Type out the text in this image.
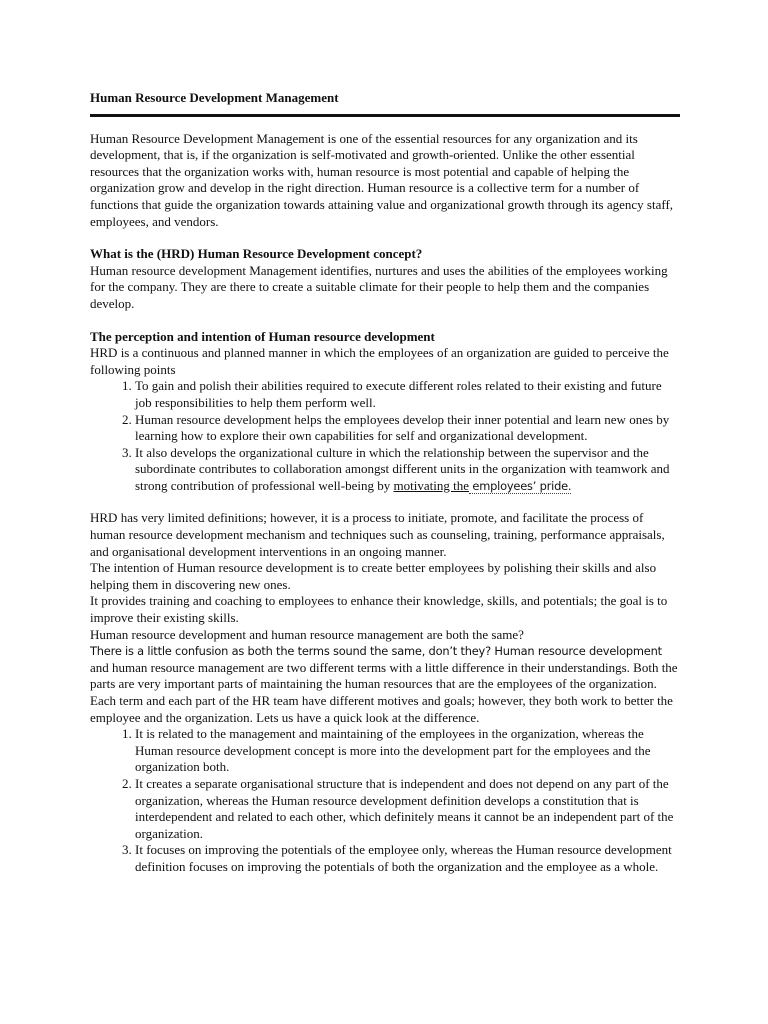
Human Resource Development Management

Human Resource Development Management is one of the essential resources for any organization and its development, that is, if the organization is self-motivated and growth-oriented. Unlike the other essential resources that the organization works with, human resource is most potential and capable of helping the organization grow and develop in the right direction. Human resource is a collective term for a number of functions that guide the organization towards attaining value and organizational growth through its agency staff, employees, and vendors.

What is the (HRD) Human Resource Development concept?

Human resource development Management identifies, nurtures and uses the abilities of the employees working for the company. They are there to create a suitable climate for their people to help them and the companies develop.

The perception and intention of Human resource development

HRD is a continuous and planned manner in which the employees of an organization are guided to perceive the following points

1. To gain and polish their abilities required to execute different roles related to their existing and future job responsibilities to help them perform well.
2. Human resource development helps the employees develop their inner potential and learn new ones by learning how to explore their own capabilities for self and organizational development.
3. It also develops the organizational culture in which the relationship between the supervisor and the subordinate contributes to collaboration amongst different units in the organization with teamwork and strong contribution of professional well-being by motivating the employees’ pride.

HRD has very limited definitions; however, it is a process to initiate, promote, and facilitate the process of human resource development mechanism and techniques such as counseling, training, performance appraisals, and organisational development interventions in an ongoing manner.

The intention of Human resource development is to create better employees by polishing their skills and also helping them in discovering new ones.

It provides training and coaching to employees to enhance their knowledge, skills, and potentials; the goal is to improve their existing skills.

Human resource development and human resource management are both the same?

There is a little confusion as both the terms sound the same, don’t they? Human resource development
and human resource management are two different terms with a little difference in their understandings. Both the parts are very important parts of maintaining the human resources that are the employees of the organization. Each term and each part of the HR team have different motives and goals; however, they both work to better the employee and the organization. Lets us have a quick look at the difference.

1. It is related to the management and maintaining of the employees in the organization, whereas the Human resource development concept is more into the development part for the employees and the organization both.
2. It creates a separate organisational structure that is independent and does not depend on any part of the organization, whereas the Human resource development definition develops a constitution that is interdependent and related to each other, which definitely means it cannot be an independent part of the organization.
3. It focuses on improving the potentials of the employee only, whereas the Human resource development definition focuses on improving the potentials of both the organization and the employee as a whole.
